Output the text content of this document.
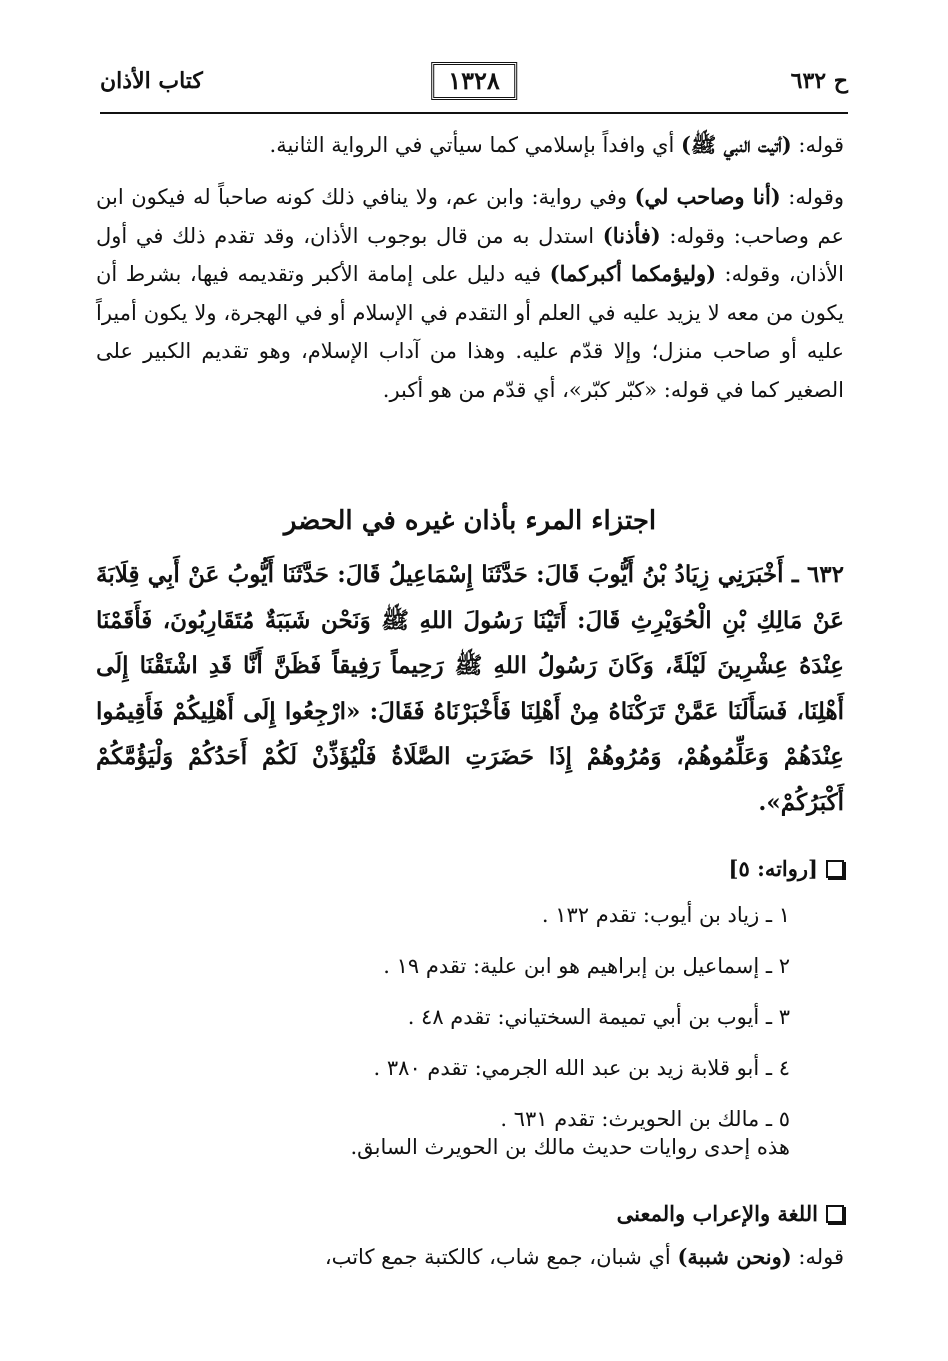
ح ٦٣٢
١٣٢٨
كتاب الأذان
قوله: (أتيت النبي ﷺ) أي وافداً بإسلامي كما سيأتي في الرواية الثانية.
وقوله: (أنا وصاحب لي) وفي رواية: وابن عم، ولا ينافي ذلك كونه صاحباً له فيكون ابن عم وصاحب: وقوله: (فأذنا) استدل به من قال بوجوب الأذان، وقد تقدم ذلك في أول الأذان، وقوله: (وليؤمكما أكبركما) فيه دليل على إمامة الأكبر وتقديمه فيها، بشرط أن يكون من معه لا يزيد عليه في العلم أو التقدم في الإسلام أو في الهجرة، ولا يكون أميراً عليه أو صاحب منزل؛ وإلا قدّم عليه. وهذا من آداب الإسلام، وهو تقديم الكبير على الصغير كما في قوله: «كبّر كبّر»، أي قدّم من هو أكبر.
اجتزاء المرء بأذان غيره في الحضر
٦٣٢ ـ أَخْبَرَنِي زِيَادُ بْنُ أَيُّوبَ قَالَ: حَدَّثَنَا إِسْمَاعِيلُ قَالَ: حَدَّثَنَا أَيُّوبُ عَنْ أَبِي قِلَابَةَ عَنْ مَالِكِ بْنِ الْحُوَيْرِثِ قَالَ: أَتَيْنَا رَسُولَ اللهِ ﷺ وَنَحْن شَبَبَةٌ مُتَقَارِبُونَ، فَأَقَمْنَا عِنْدَهُ عِشْرِينَ لَيْلَةً، وَكَانَ رَسُولُ اللهِ ﷺ رَحِيماً رَفِيقاً فَظَنَّ أَنَّا قَدِ اشْتَقْنَا إِلَى أَهْلِنَا، فَسَأَلَنَا عَمَّنْ تَرَكْنَاهُ مِنْ أَهْلِنَا فَأَخْبَرْنَاهُ فَقَالَ: «ارْجِعُوا إِلَى أَهْلِيكُمْ فَأَقِيمُوا عِنْدَهُمْ وَعَلِّمُوهُمْ، وَمُرُوهُمْ إِذَا حَضَرَتِ الصَّلَاةُ فَلْيُؤَذِّنْ لَكُمْ أَحَدُكُمْ وَلْيَؤُمَّكُمْ أَكْبَرُكُمْ».
[رواته: ٥]
١ ـ زياد بن أيوب: تقدم ١٣٢ .
٢ ـ إسماعيل بن إبراهيم هو ابن علية: تقدم ١٩ .
٣ ـ أيوب بن أبي تميمة السختياني: تقدم ٤٨ .
٤ ـ أبو قلابة زيد بن عبد الله الجرمي: تقدم ٣٨٠ .
٥ ـ مالك بن الحويرث: تقدم ٦٣١ .
هذه إحدى روايات حديث مالك بن الحويرث السابق.
اللغة والإعراب والمعنى
قوله: (ونحن شببة) أي شبان، جمع شاب، كالكتبة جمع كاتب،
